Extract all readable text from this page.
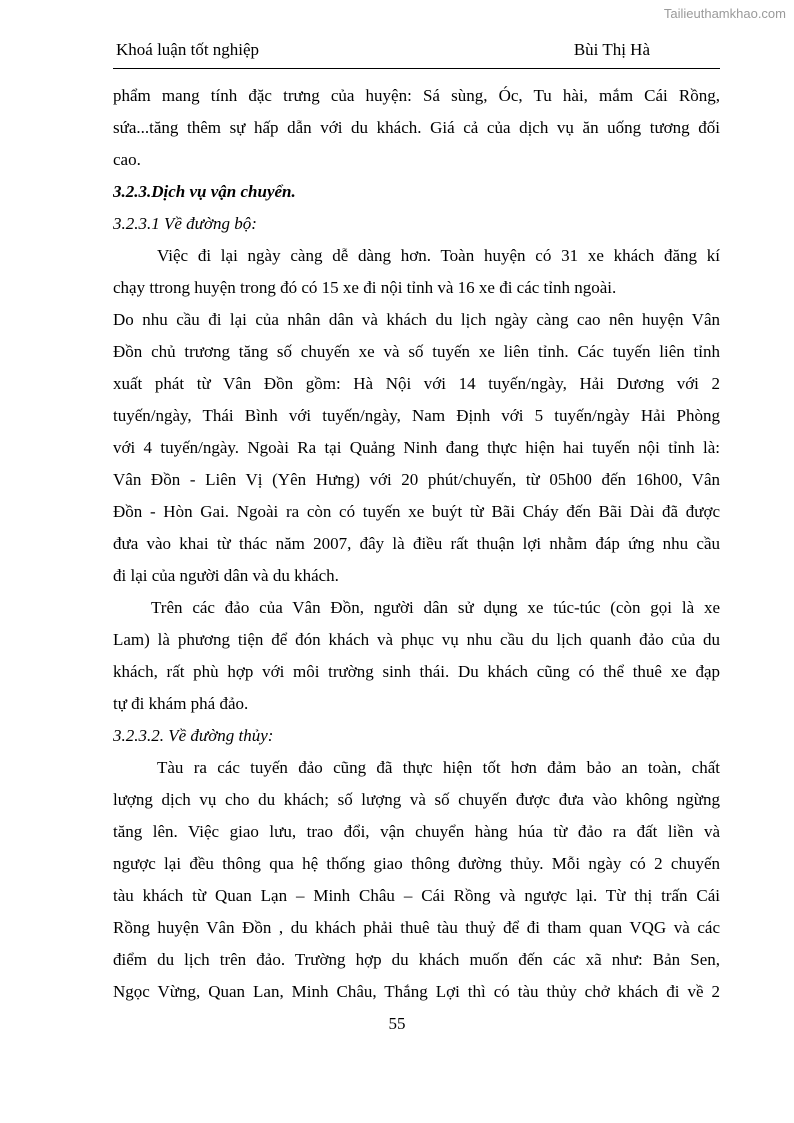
Tailieuthamkhao.com
Khoá luận tốt nghiệp	Bùi Thị Hà
phẩm mang tính đặc trưng của huyện: Sá sùng, Óc, Tu hài, mắm Cái Rồng,
sứa...tăng thêm sự hấp dẫn với du khách. Giá cả của dịch vụ ăn uống tương đối
cao.
3.2.3.Dịch vụ vận chuyển.
3.2.3.1 Về đường bộ:
Việc đi lại ngày càng dễ dàng hơn. Toàn huyện có 31 xe khách đăng kí
chạy ttrong huyện trong đó có 15 xe đi nội tỉnh và 16 xe đi các tỉnh ngoài.
Do nhu cầu đi lại của nhân dân và khách du lịch ngày càng cao nên huyện Vân
Đồn chủ trương tăng số chuyến xe và số tuyến xe liên tỉnh. Các tuyến liên tỉnh
xuất phát từ Vân Đồn gồm: Hà Nội với 14 tuyến/ngày, Hải Dương với 2
tuyến/ngày, Thái Bình với tuyến/ngày, Nam Định với 5 tuyến/ngày Hải Phòng
với 4 tuyến/ngày. Ngoài Ra tại Quảng Ninh đang thực hiện hai tuyến nội tỉnh là:
Vân Đồn - Liên Vị (Yên Hưng) với 20 phút/chuyến, từ 05h00 đến 16h00, Vân
Đồn - Hòn Gai. Ngoài ra còn có tuyến xe buýt từ Bãi Cháy đến Bãi Dài đã được
đưa vào khai từ thác năm 2007, đây là điều rất thuận lợi nhằm đáp ứng nhu cầu
đi lại của người dân và du khách.
Trên các đảo của Vân Đồn, người dân sử dụng xe túc-túc (còn gọi là xe
Lam) là phương tiện để đón khách và phục vụ nhu cầu du lịch quanh đảo của du
khách, rất phù hợp với môi trường sinh thái. Du khách cũng có thể thuê xe đạp
tự đi khám phá đảo.
3.2.3.2. Về đường thủy:
Tàu ra các tuyến đảo cũng đã thực hiện tốt hơn đảm bảo an toàn, chất
lượng dịch vụ cho du khách; số lượng và số chuyến được đưa vào không ngừng
tăng lên. Việc giao lưu, trao đổi, vận chuyển hàng húa từ đảo ra đất liền và
ngược lại đều thông qua hệ thống giao thông đường thủy. Mỗi ngày có 2 chuyến
tàu khách từ Quan Lạn – Minh Châu – Cái Rồng và ngược lại. Từ thị trấn Cái
Rồng huyện Vân Đồn , du khách phải thuê tàu thuỷ để đi tham quan VQG và các
điểm du lịch trên đảo. Trường hợp du khách muốn đến các xã như: Bản Sen,
Ngọc Vừng, Quan Lan, Minh Châu, Thắng Lợi thì có tàu thủy chở khách đi về 2
55
